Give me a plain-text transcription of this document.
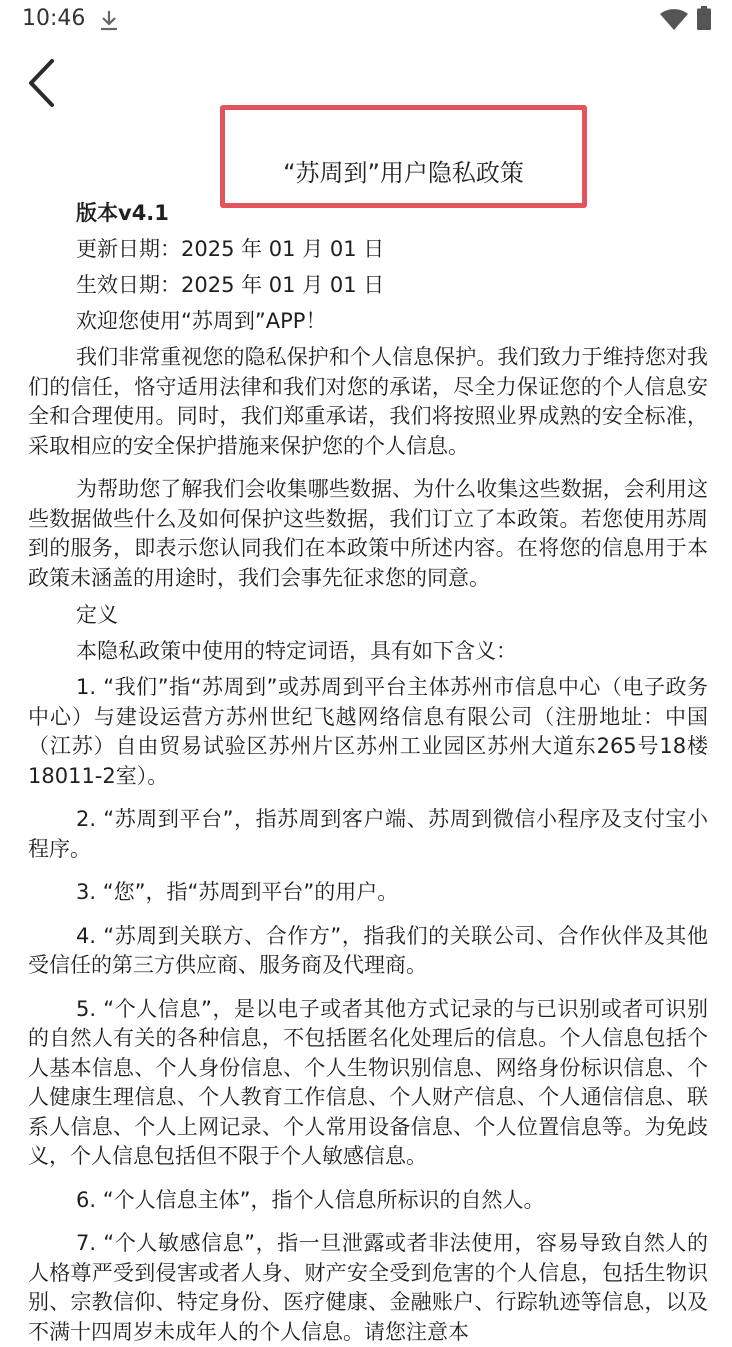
10:46
“苏周到”用户隐私政策
版本v4.1
更新日期：2025 年 01 月 01 日
生效日期：2025 年 01 月 01 日
欢迎您使用“苏周到”APP！

我们非常重视您的隐私保护和个人信息保护。我们致力于维持您对我们的信任，恪守适用法律和我们对您的承诺，尽全力保证您的个人信息安全和合理使用。同时，我们郑重承诺，我们将按照业界成熟的安全标准，采取相应的安全保护措施来保护您的个人信息。

为帮助您了解我们会收集哪些数据、为什么收集这些数据，会利用这些数据做些什么及如何保护这些数据，我们订立了本政策。若您使用苏周到的服务，即表示您认同我们在本政策中所述内容。在将您的信息用于本政策未涵盖的用途时，我们会事先征求您的同意。

定义
本隐私政策中使用的特定词语，具有如下含义：

1. “我们”指“苏周到”或苏周到平台主体苏州市信息中心（电子政务中心）与建设运营方苏州世纪飞越网络信息有限公司（注册地址：中国（江苏）自由贸易试验区苏州片区苏州工业园区苏州大道东265号18楼18011-2室）。

2. “苏周到平台”，指苏周到客户端、苏周到微信小程序及支付宝小程序。

3. “您”，指“苏周到平台”的用户。

4. “苏周到关联方、合作方”，指我们的关联公司、合作伙伴及其他受信任的第三方供应商、服务商及代理商。

5. “个人信息”，是以电子或者其他方式记录的与已识别或者可识别的自然人有关的各种信息，不包括匿名化处理后的信息。个人信息包括个人基本信息、个人身份信息、个人生物识别信息、网络身份标识信息、个人健康生理信息、个人教育工作信息、个人财产信息、个人通信信息、联系人信息、个人上网记录、个人常用设备信息、个人位置信息等。为免歧义，个人信息包括但不限于个人敏感信息。

6. “个人信息主体”，指个人信息所标识的自然人。

7. “个人敏感信息”，指一旦泄露或者非法使用，容易导致自然人的人格尊严受到侵害或者人身、财产安全受到危害的个人信息，包括生物识别、宗教信仰、特定身份、医疗健康、金融账户、行踪轨迹等信息，以及不满十四周岁未成年人的个人信息。请您注意本
